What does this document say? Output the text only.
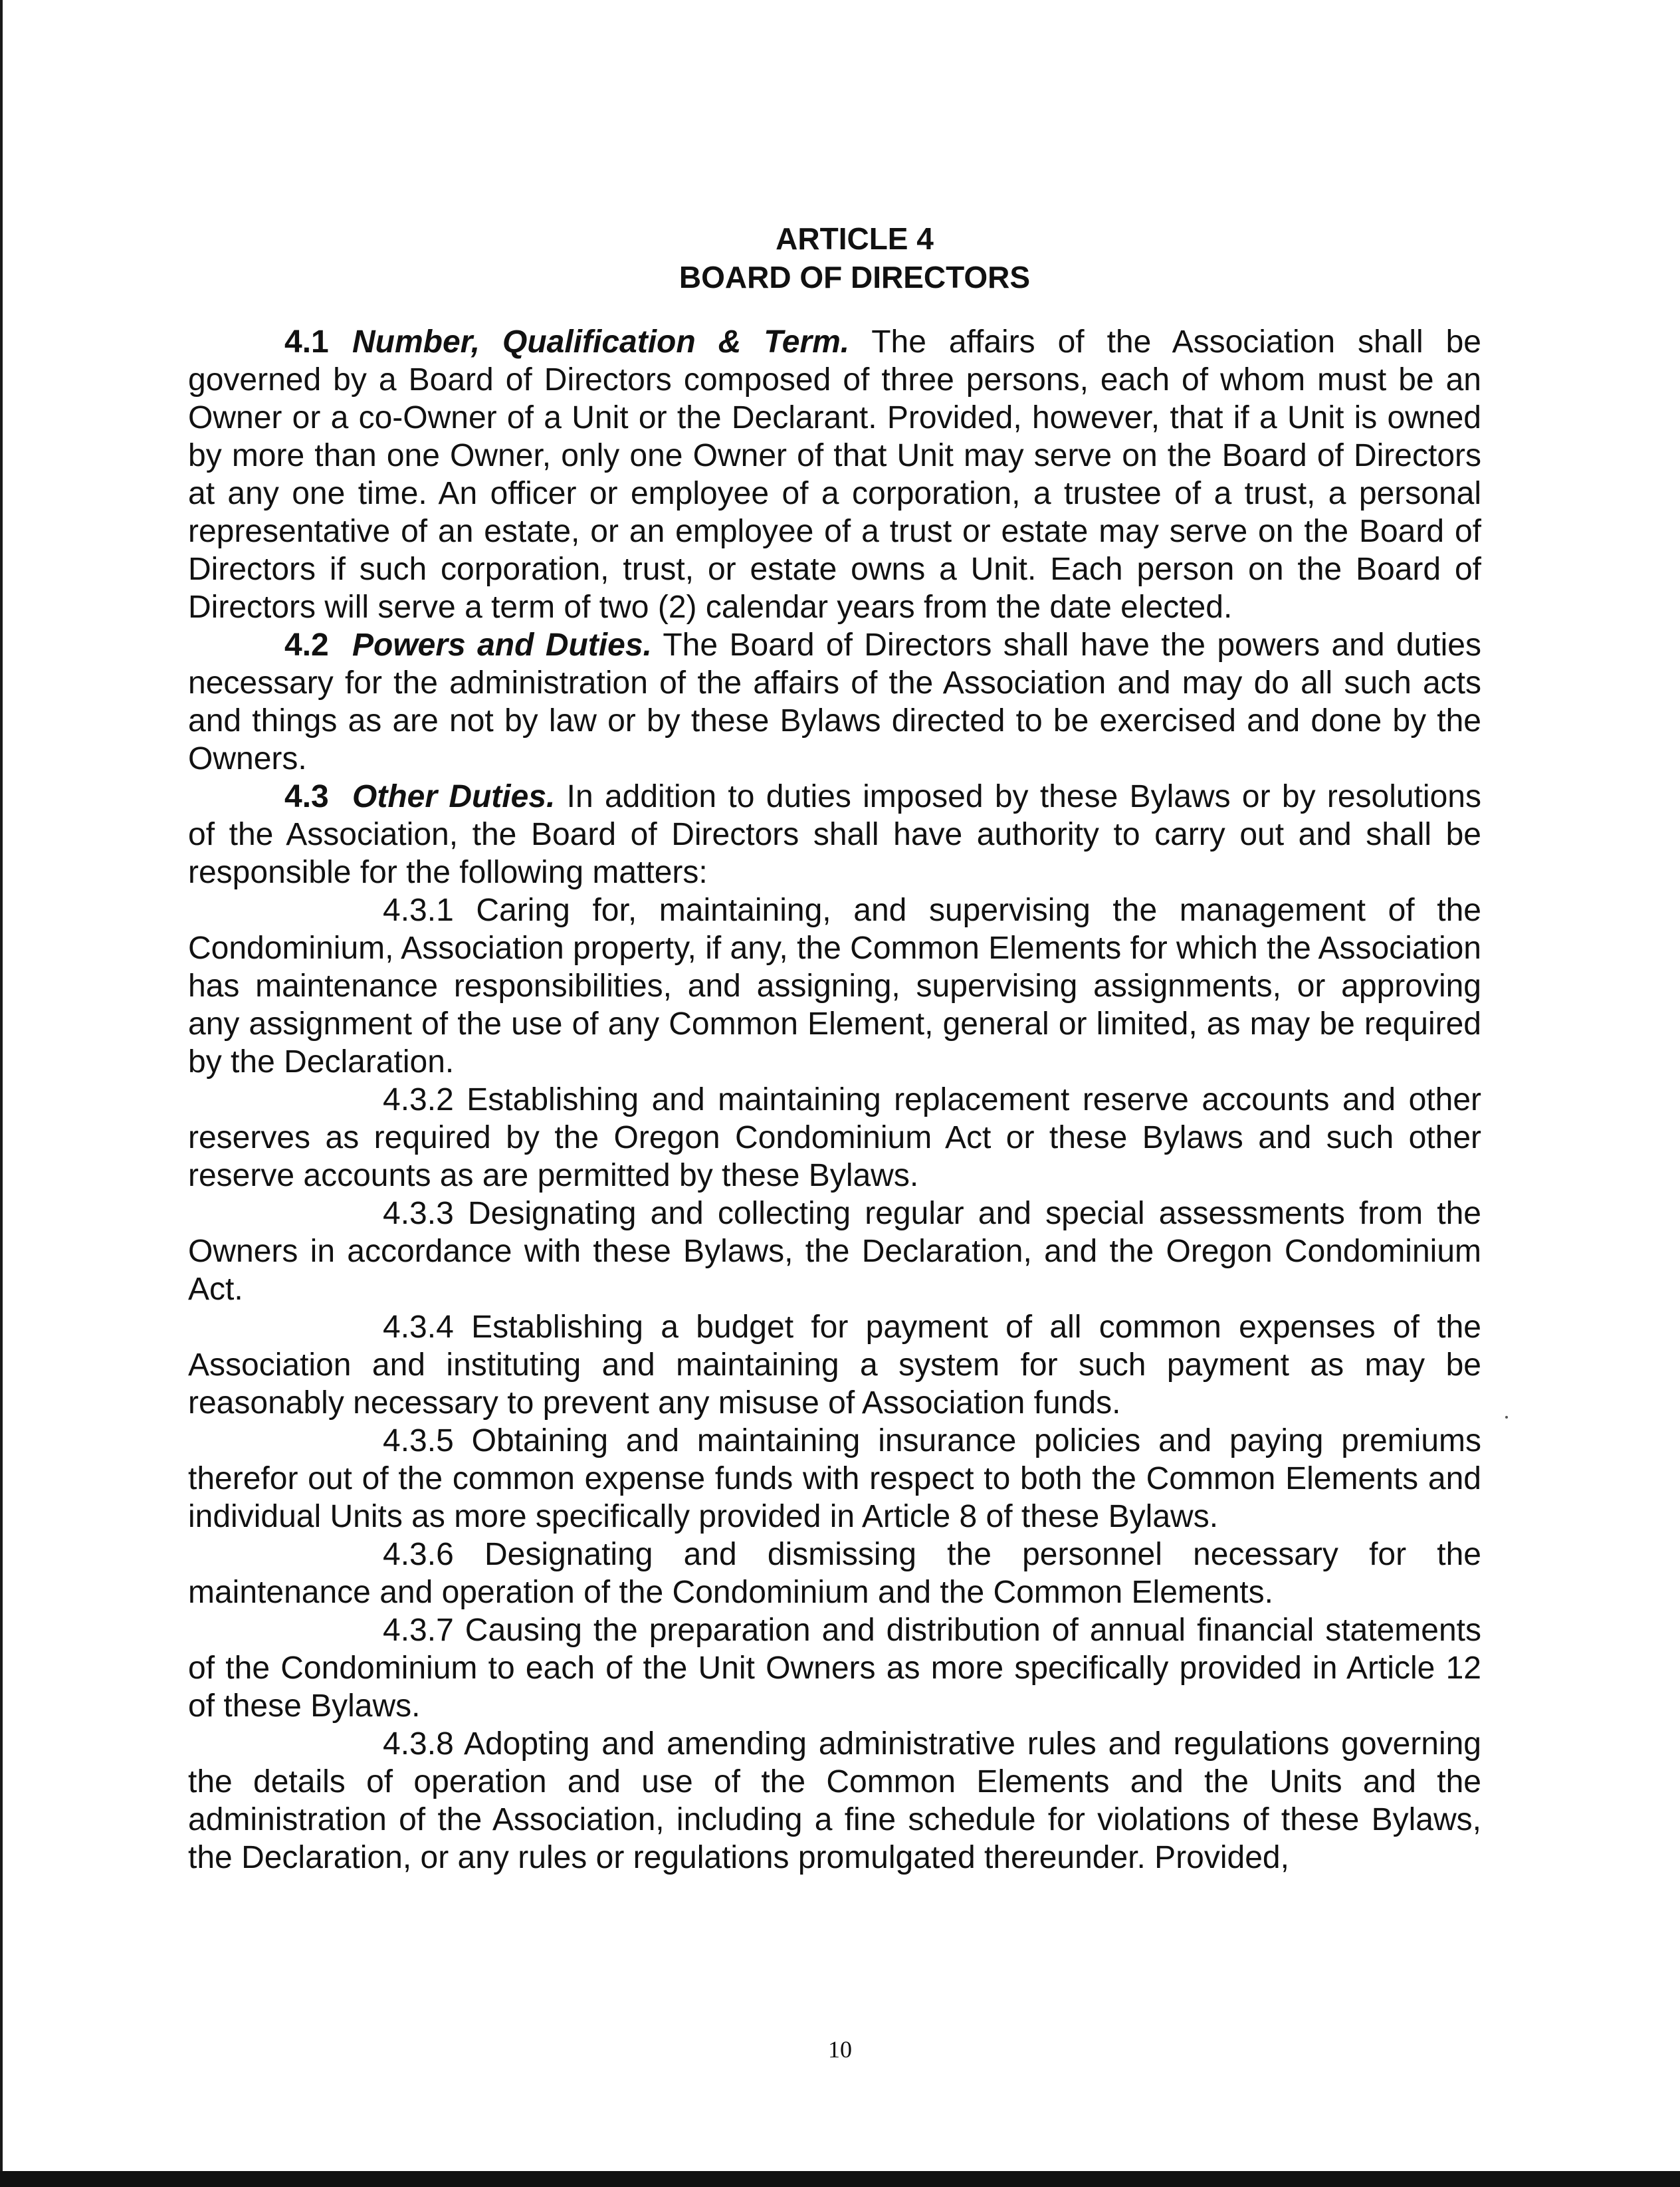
ARTICLE 4
BOARD OF DIRECTORS

4.1 Number, Qualification & Term. The affairs of the Association shall be governed by a Board of Directors composed of three persons, each of whom must be an Owner or a co-Owner of a Unit or the Declarant. Provided, however, that if a Unit is owned by more than one Owner, only one Owner of that Unit may serve on the Board of Directors at any one time. An officer or employee of a corporation, a trustee of a trust, a personal representative of an estate, or an employee of a trust or estate may serve on the Board of Directors if such corporation, trust, or estate owns a Unit. Each person on the Board of Directors will serve a term of two (2) calendar years from the date elected.

4.2 Powers and Duties. The Board of Directors shall have the powers and duties necessary for the administration of the affairs of the Association and may do all such acts and things as are not by law or by these Bylaws directed to be exercised and done by the Owners.

4.3 Other Duties. In addition to duties imposed by these Bylaws or by resolutions of the Association, the Board of Directors shall have authority to carry out and shall be responsible for the following matters:

4.3.1 Caring for, maintaining, and supervising the management of the Condominium, Association property, if any, the Common Elements for which the Association has maintenance responsibilities, and assigning, supervising assignments, or approving any assignment of the use of any Common Element, general or limited, as may be required by the Declaration.

4.3.2 Establishing and maintaining replacement reserve accounts and other reserves as required by the Oregon Condominium Act or these Bylaws and such other reserve accounts as are permitted by these Bylaws.

4.3.3 Designating and collecting regular and special assessments from the Owners in accordance with these Bylaws, the Declaration, and the Oregon Condominium Act.

4.3.4 Establishing a budget for payment of all common expenses of the Association and instituting and maintaining a system for such payment as may be reasonably necessary to prevent any misuse of Association funds.

4.3.5 Obtaining and maintaining insurance policies and paying premiums therefor out of the common expense funds with respect to both the Common Elements and individual Units as more specifically provided in Article 8 of these Bylaws.

4.3.6 Designating and dismissing the personnel necessary for the maintenance and operation of the Condominium and the Common Elements.

4.3.7 Causing the preparation and distribution of annual financial statements of the Condominium to each of the Unit Owners as more specifically provided in Article 12 of these Bylaws.

4.3.8 Adopting and amending administrative rules and regulations governing the details of operation and use of the Common Elements and the Units and the administration of the Association, including a fine schedule for violations of these Bylaws, the Declaration, or any rules or regulations promulgated thereunder. Provided,

10
